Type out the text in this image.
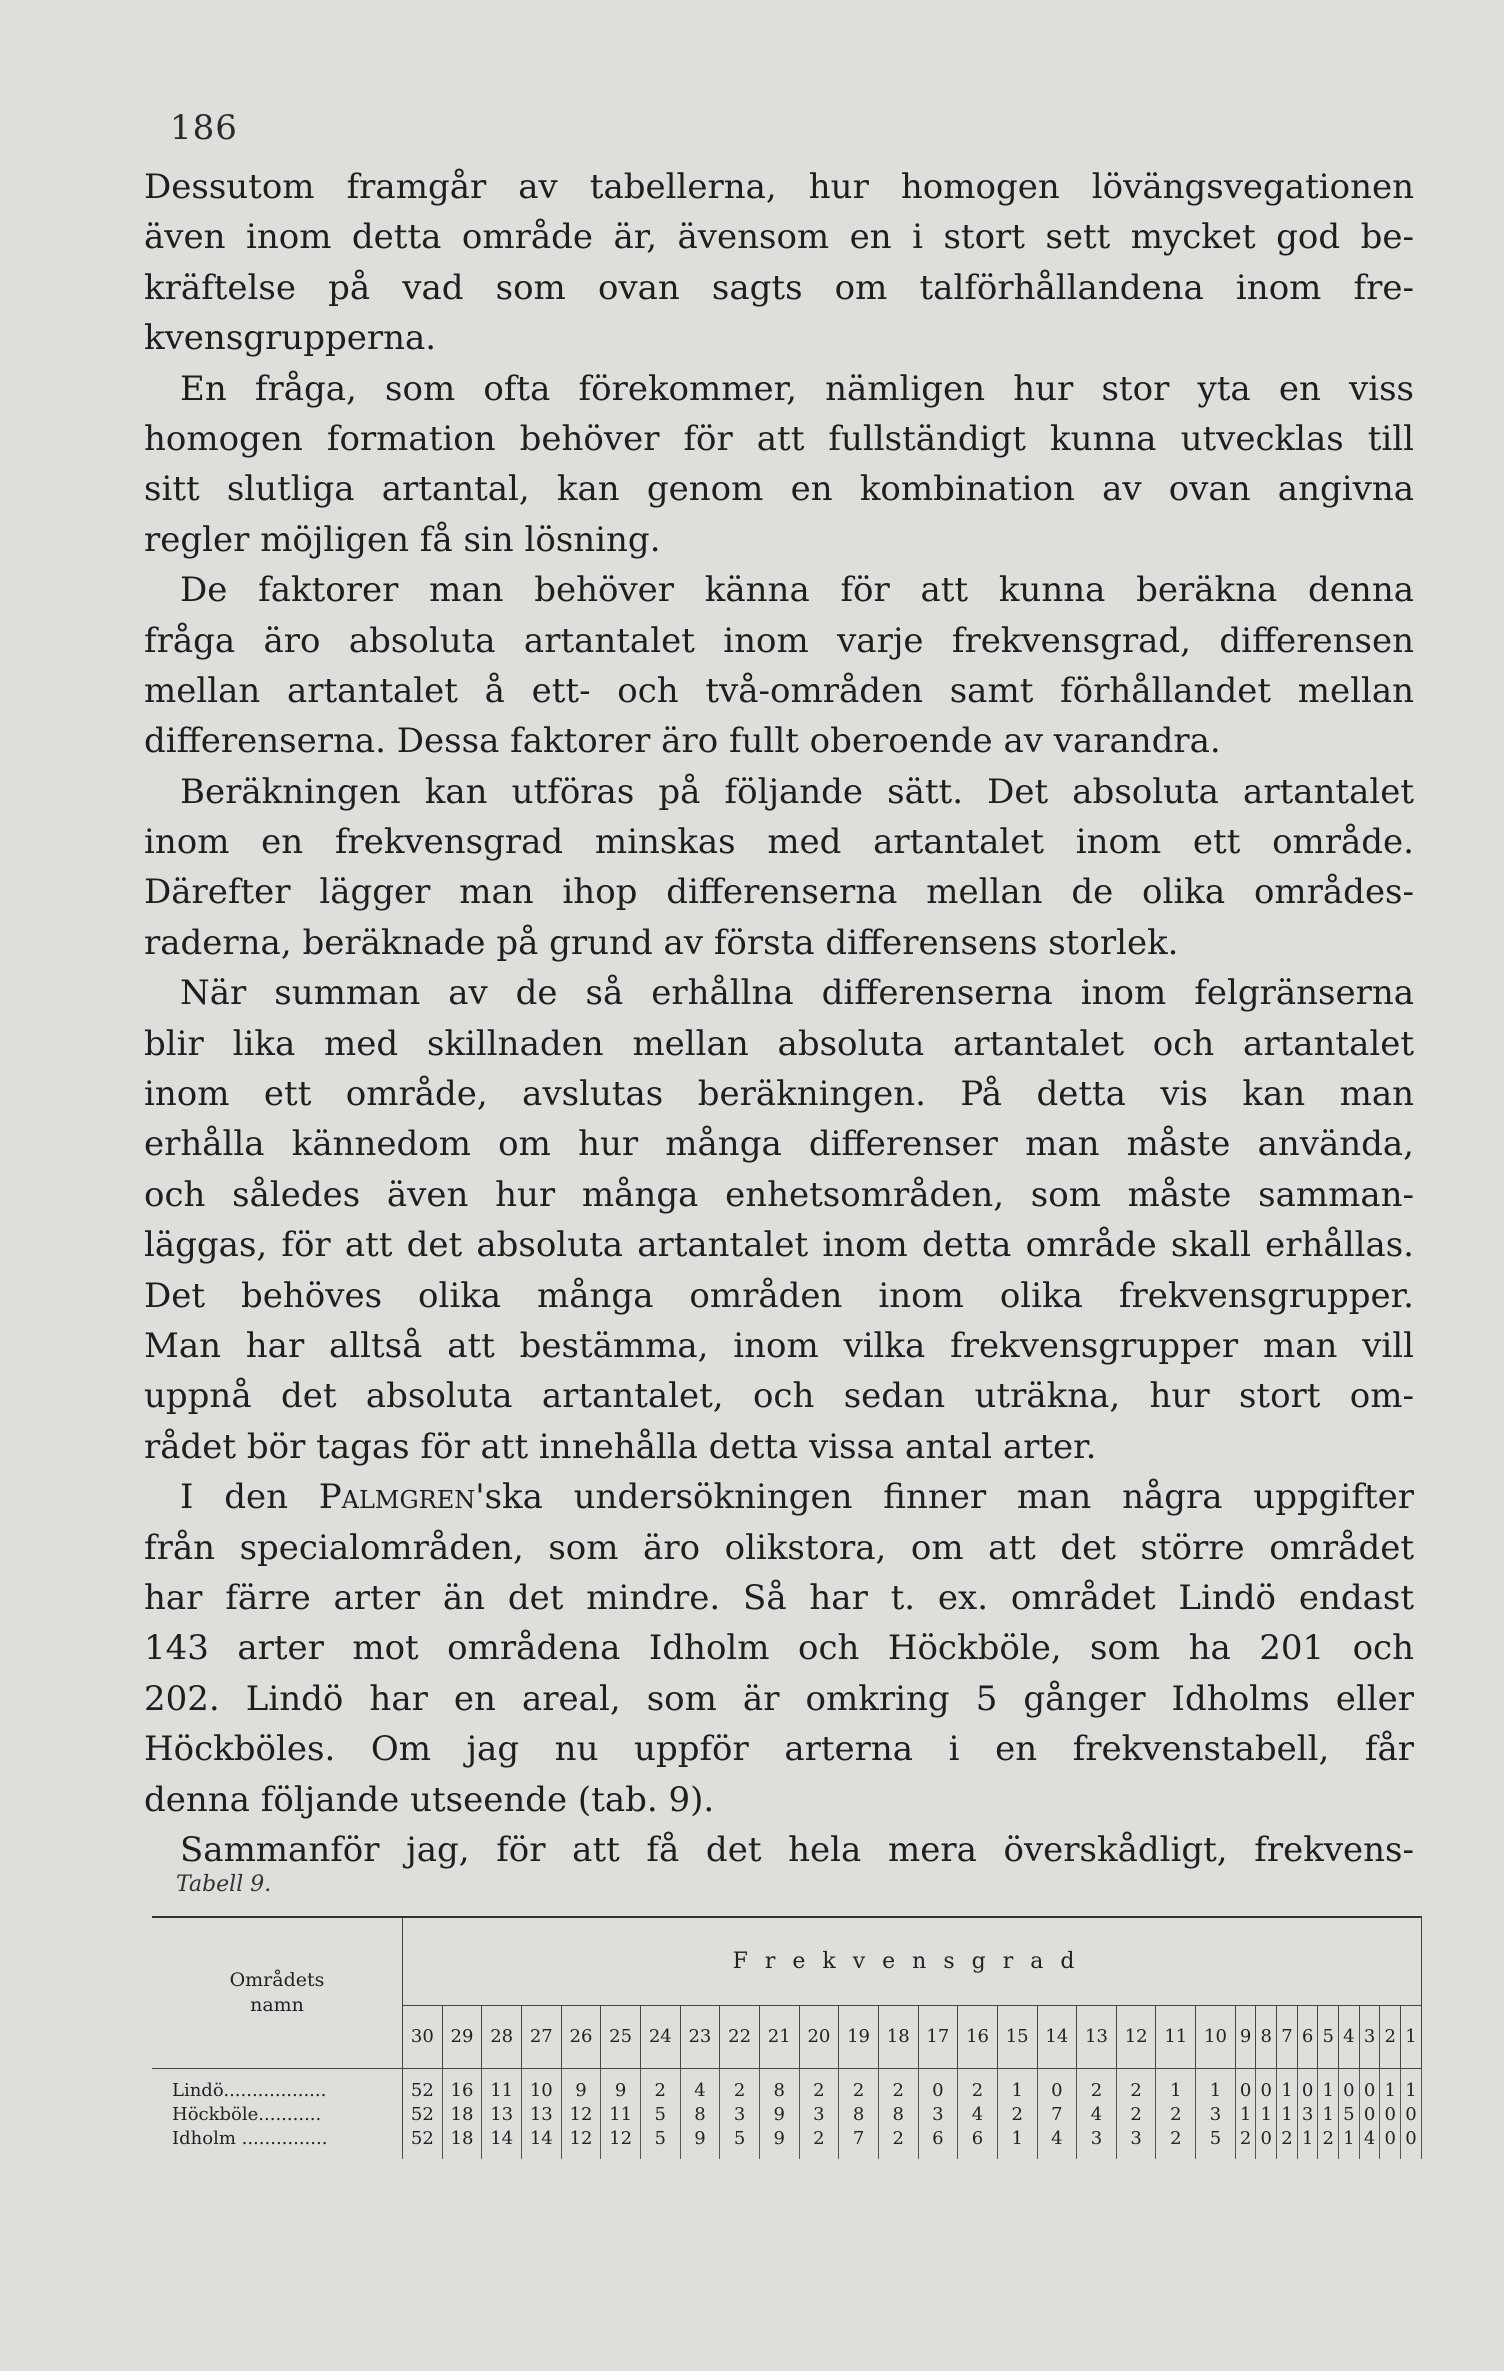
186
Dessutom framgår av tabellerna, hur homogen lövängsvegationen
även inom detta område är, ävensom en i stort sett mycket god be-
kräftelse på vad som ovan sagts om talförhållandena inom fre-
kvensgrupperna.
En fråga, som ofta förekommer, nämligen hur stor yta en viss
homogen formation behöver för att fullständigt kunna utvecklas till
sitt slutliga artantal, kan genom en kombination av ovan angivna
regler möjligen få sin lösning.
De faktorer man behöver känna för att kunna beräkna denna
fråga äro absoluta artantalet inom varje frekvensgrad, differensen
mellan artantalet å ett- och två-områden samt förhållandet mellan
differenserna. Dessa faktorer äro fullt oberoende av varandra.
Beräkningen kan utföras på följande sätt. Det absoluta artantalet
inom en frekvensgrad minskas med artantalet inom ett område.
Därefter lägger man ihop differenserna mellan de olika områdes-
raderna, beräknade på grund av första differensens storlek.
När summan av de så erhållna differenserna inom felgränserna
blir lika med skillnaden mellan absoluta artantalet och artantalet
inom ett område, avslutas beräkningen. På detta vis kan man
erhålla kännedom om hur många differenser man måste använda,
och således även hur många enhetsområden, som måste samman-
läggas, för att det absoluta artantalet inom detta område skall erhållas.
Det behöves olika många områden inom olika frekvensgrupper.
Man har alltså att bestämma, inom vilka frekvensgrupper man vill
uppnå det absoluta artantalet, och sedan uträkna, hur stort om-
rådet bör tagas för att innehålla detta vissa antal arter.
I den Palmgren'ska undersökningen finner man några uppgifter
från specialområden, som äro olikstora, om att det större området
har färre arter än det mindre. Så har t. ex. området Lindö endast
143 arter mot områdena Idholm och Höckböle, som ha 201 och
202. Lindö har en areal, som är omkring 5 gånger Idholms eller
Höckböles. Om jag nu uppför arterna i en frekvenstabell, får
denna följande utseende (tab. 9).
Sammanför jag, för att få det hela mera överskådligt, frekvens-
Tabell 9.
Områdets
namn	Frekvensgrad																													
	30	29	28	27	26	25	24	23	22	21	20	19	18	17	16	15	14	13	12	11	10	9	8	7	6	5	4	3	2	1

Lindö..................	52	16	11	10	9	9	2	4	2	8	2	2	2	0	2	1	0	2	2	1	1	0	0	1	0	1	0	0	1	1
Höckböle...........	52	18	13	13	12	11	5	8	3	9	3	8	8	3	4	2	7	4	2	2	3	1	1	1	3	1	5	0	0	0
Idholm ...............	52	18	14	14	12	12	5	9	5	9	2	7	2	6	6	1	4	3	3	2	5	2	0	2	1	2	1	4	0	0
